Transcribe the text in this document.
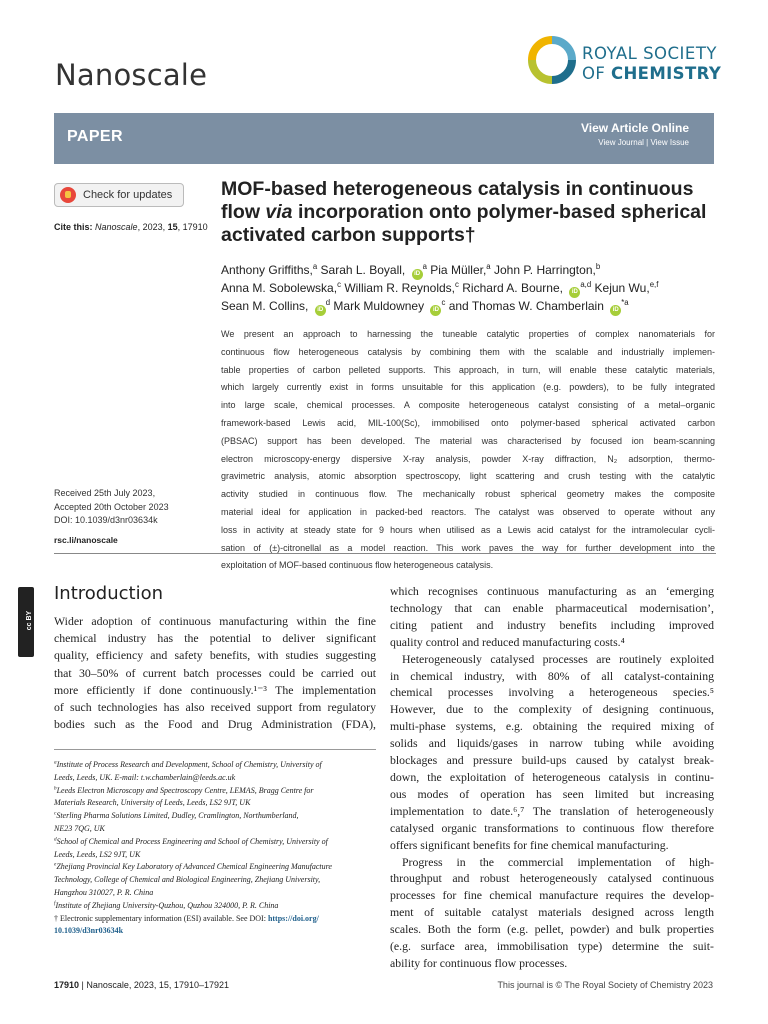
Nanoscale
ROYAL SOCIETY
OF CHEMISTRY
PAPER	View Article Online
View Journal | View Issue
Check for updates
Cite this: Nanoscale, 2023, 15, 17910
MOF-based heterogeneous catalysis in continuous flow via incorporation onto polymer-based spherical activated carbon supports†
Anthony Griffiths,$^a$ Sarah L. Boyall, $iD^a$ Pia Müller,$^a$ John P. Harrington,$^b$
Anna M. Sobolewska,$^c$ William R. Reynolds,$^c$ Richard A. Bourne, iD$^{a,d}$ Kejun Wu,$^{e,f}$
Sean M. Collins, $iD^d$ Mark Muldowney $iD^c$ and Thomas W. Chamberlain $iD^{*a}$

We present an approach to harnessing the tuneable catalytic properties of complex nanomaterials for

continuous flow heterogeneous catalysis by combining them with the scalable and industrially implemen-

table properties of carbon pelleted supports. This approach, in turn, will enable these catalytic materials,

which largely currently exist in forms unsuitable for this application (e.g. powders), to be fully integrated

into large scale, chemical processes. A composite heterogeneous catalyst consisting of a metal–organic

framework-based Lewis acid, MIL-100(Sc), immobilised onto polymer-based spherical activated carbon

(PBSAC) support has been developed. The material was characterised by focused ion beam-scanning

electron microscopy-energy dispersive X-ray analysis, powder X-ray diffraction, N₂ adsorption, thermo-

gravimetric analysis, atomic absorption spectroscopy, light scattering and crush testing with the catalytic

activity studied in continuous flow. The mechanically robust spherical geometry makes the composite

material ideal for application in packed-bed reactors. The catalyst was observed to operate without any

loss in activity at steady state for 9 hours when utilised as a Lewis acid catalyst for the intramolecular cycli-

sation of (±)-citronellal as a model reaction. This work paves the way for further development into the

exploitation of MOF-based continuous flow heterogeneous catalysis.

Received 25th July 2023,
Accepted 20th October 2023
DOI: 10.1039/d3nr03634k
rsc.li/nanoscale
cc BY
Introduction

Wider adoption of continuous manufacturing within the fine

chemical industry has the potential to deliver significant

quality, efficiency and safety benefits, with studies suggesting

that 30–50% of current batch processes could be carried out

more efficiently if done continuously.¹⁻³ The implementation

of such technologies has also received support from regulatory

bodies such as the Food and Drug Administration (FDA),

$^a$Institute of Process Research and Development, School of Chemistry, University of
Leeds, Leeds, UK. E-mail: t.w.chamberlain@leeds.ac.uk
$^b$Leeds Electron Microscopy and Spectroscopy Centre, LEMAS, Bragg Centre for
Materials Research, University of Leeds, Leeds, LS2 9JT, UK
$^c$Sterling Pharma Solutions Limited, Dudley, Cramlington, Northumberland,
NE23 7QG, UK
$^d$School of Chemical and Process Engineering and School of Chemistry, University of
Leeds, Leeds, LS2 9JT, UK
$^e$Zhejiang Provincial Key Laboratory of Advanced Chemical Engineering Manufacture
Technology, College of Chemical and Biological Engineering, Zhejiang University,
Hangzhou 310027, P. R. China
$^f$Institute of Zhejiang University-Quzhou, Quzhou 324000, P. R. China
† Electronic supplementary information (ESI) available. See DOI: https://doi.org/
10.1039/d3nr03634k

which recognises continuous manufacturing as an ‘emerging

technology that can enable pharmaceutical modernisation’,

citing patient and industry benefits including improved

quality control and reduced manufacturing costs.⁴

Heterogeneously catalysed processes are routinely exploited

in chemical industry, with 80% of all catalyst-containing

chemical processes involving a heterogeneous species.⁵

However, due to the complexity of designing continuous,

multi-phase systems, e.g. obtaining the required mixing of

solids and liquids/gases in narrow tubing while avoiding

blockages and pressure build-ups caused by catalyst break-

down, the exploitation of heterogeneous catalysis in continu-

ous modes of operation has seen limited but increasing

implementation to date.⁶,⁷ The translation of heterogeneously

catalysed organic transformations to continuous flow therefore

offers significant benefits for fine chemical manufacturing.

Progress in the commercial implementation of high-

throughput and robust heterogeneously catalysed continuous

processes for fine chemical manufacture requires the develop-

ment of suitable catalyst materials designed across length

scales. Both the form (e.g. pellet, powder) and bulk properties

(e.g. surface area, immobilisation type) determine the suit-

ability for continuous flow processes.

17910 | Nanoscale, 2023, 15, 17910–17921	This journal is © The Royal Society of Chemistry 2023
